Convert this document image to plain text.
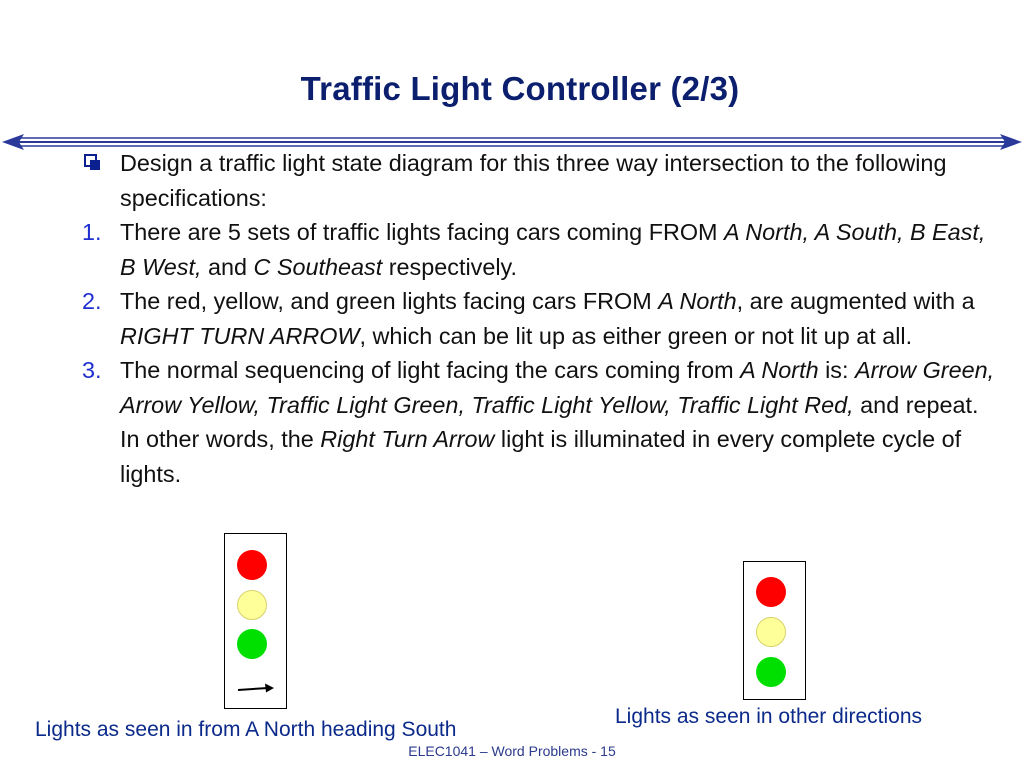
Traffic Light Controller (2/3)
Design a traffic light state diagram for this three way intersection to the following specifications:
1. There are 5 sets of traffic lights facing cars coming FROM A North, A South, B East, B West, and C Southeast respectively.
2. The red, yellow, and green lights facing cars FROM A North, are augmented with a RIGHT TURN ARROW, which can be lit up as either green or not lit up at all.
3. The normal sequencing of light facing the cars coming from A North is: Arrow Green, Arrow Yellow, Traffic Light Green, Traffic Light Yellow, Traffic Light Red, and repeat. In other words, the Right Turn Arrow light is illuminated in every complete cycle of lights.
Lights as seen in from A North heading South
Lights as seen in other directions
ELEC1041 – Word Problems - 15
